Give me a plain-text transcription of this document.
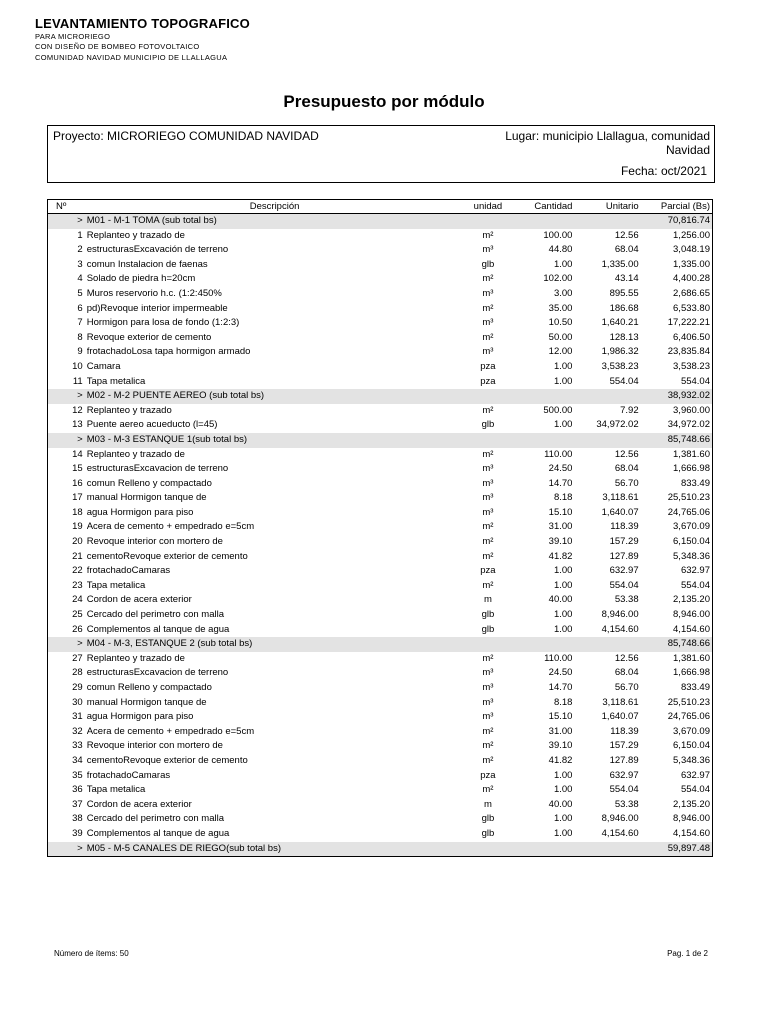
LEVANTAMIENTO TOPOGRAFICO
PARA MICRORIEGO
CON DISEÑO DE BOMBEO FOTOVOLTAICO
COMUNIDAD NAVIDAD MUNICIPIO DE LLALLAGUA
Presupuesto por módulo
Proyecto: MICRORIEGO COMUNIDAD NAVIDAD	Lugar: municipio Llallagua, comunidad Navidad
Fecha: oct/2021
Nº	Descripción	unidad	Cantidad	Unitario	Parcial (Bs)
>	M01 - M-1 TOMA (sub total bs)				70,816.74
1	Replanteo y trazado de	m²	100.00	12.56	1,256.00
2	estructurasExcavación de terreno	m³	44.80	68.04	3,048.19
3	comun Instalacion de faenas	glb	1.00	1,335.00	1,335.00
4	Solado de piedra h=20cm	m²	102.00	43.14	4,400.28
5	Muros reservorio h.c. (1:2:450%	m³	3.00	895.55	2,686.65
6	pd)Revoque interior impermeable	m²	35.00	186.68	6,533.80
7	Hormigon para losa de fondo (1:2:3)	m³	10.50	1,640.21	17,222.21
8	Revoque exterior de cemento	m²	50.00	128.13	6,406.50
9	frotachadoLosa tapa hormigon armado	m³	12.00	1,986.32	23,835.84
10	Camara	pza	1.00	3,538.23	3,538.23
11	Tapa metalica	pza	1.00	554.04	554.04
>	M02 - M-2 PUENTE AEREO (sub total bs)				38,932.02
12	Replanteo y trazado	m²	500.00	7.92	3,960.00
13	Puente aereo acueducto (l=45)	glb	1.00	34,972.02	34,972.02
>	M03 - M-3 ESTANQUE 1(sub total bs)				85,748.66
14	Replanteo y trazado de	m²	110.00	12.56	1,381.60
15	estructurasExcavacion de terreno	m³	24.50	68.04	1,666.98
16	comun Relleno y compactado	m³	14.70	56.70	833.49
17	manual Hormigon tanque de	m³	8.18	3,118.61	25,510.23
18	agua Hormigon para piso	m³	15.10	1,640.07	24,765.06
19	Acera de cemento + empedrado e=5cm	m²	31.00	118.39	3,670.09
20	Revoque interior con mortero de	m²	39.10	157.29	6,150.04
21	cementoRevoque exterior de cemento	m²	41.82	127.89	5,348.36
22	frotachadoCamaras	pza	1.00	632.97	632.97
23	Tapa metalica	m²	1.00	554.04	554.04
24	Cordon de acera exterior	m	40.00	53.38	2,135.20
25	Cercado del perimetro con malla	glb	1.00	8,946.00	8,946.00
26	Complementos al tanque de agua	glb	1.00	4,154.60	4,154.60
>	M04 - M-3, ESTANQUE 2 (sub total bs)				85,748.66
27	Replanteo y trazado de	m²	110.00	12.56	1,381.60
28	estructurasExcavacion de terreno	m³	24.50	68.04	1,666.98
29	comun Relleno y compactado	m³	14.70	56.70	833.49
30	manual Hormigon tanque de	m³	8.18	3,118.61	25,510.23
31	agua Hormigon para piso	m³	15.10	1,640.07	24,765.06
32	Acera de cemento + empedrado e=5cm	m²	31.00	118.39	3,670.09
33	Revoque interior con mortero de	m²	39.10	157.29	6,150.04
34	cementoRevoque exterior de cemento	m²	41.82	127.89	5,348.36
35	frotachadoCamaras	pza	1.00	632.97	632.97
36	Tapa metalica	m²	1.00	554.04	554.04
37	Cordon de acera exterior	m	40.00	53.38	2,135.20
38	Cercado del perimetro con malla	glb	1.00	8,946.00	8,946.00
39	Complementos al tanque de agua	glb	1.00	4,154.60	4,154.60
>	M05 - M-5 CANALES DE RIEGO(sub total bs)				59,897.48
Número de ítems: 50	Pag. 1 de 2
